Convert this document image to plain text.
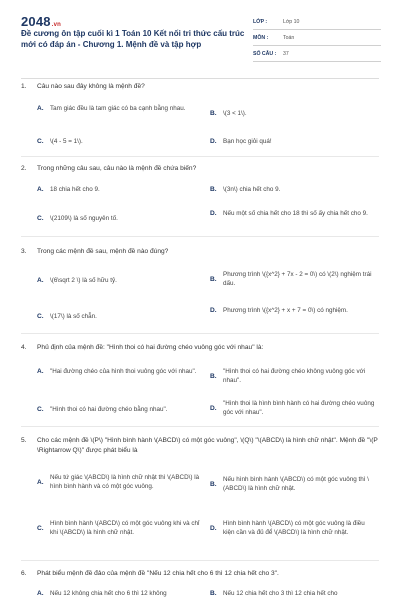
2048.vn
Đề cương ôn tập cuối kì 1 Toán 10 Kết nối tri thức cấu trúc mới có đáp án - Chương 1. Mệnh đề và tập hợp
LỚP :	Lớp 10
MÔN :	Toán
SỐ CÂU :	37
1.	Câu nào sau đây không là mệnh đề?
A.	Tam giác đều là tam giác có ba cạnh bằng nhau.
B.	\(3 < 1\).
C.	\(4 - 5 = 1\).	D.	Bạn học giỏi quá!
2.	Trong những câu sau, câu nào là mệnh đề chứa biến?
A.	18 chia hết cho 9.	B.	\(3n\) chia hết cho 9.
C.	\(2109\) là số nguyên tố.
D.	Nếu một số chia hết cho 18 thì số ấy chia hết cho 9.
3.	Trong các mệnh đề sau, mệnh đề nào đúng?
A.	\(6\sqrt 2 \) là số hữu tỷ.	B.
Phương trình \({x^2} + 7x - 2 = 0\) có \(2\) nghiệm trái dấu.
C.	\(17\) là số chẵn.
D.	Phương trình \({x^2} + x + 7 = 0\) có nghiệm.
4.	Phủ định của mệnh đề: "Hình thoi có hai đường chéo vuông góc với nhau" là:
A.	"Hai đường chéo của hình thoi vuông góc với nhau".
B.
"Hình thoi có hai đường chéo không vuông góc với nhau".
C.	"Hình thoi có hai đường chéo bằng nhau".	D.
"Hình thoi là hình bình hành có hai đường chéo vuông góc với nhau".
5.	Cho các mệnh đề \(P\) "Hình bình hành \(ABCD\) có một góc vuông", \(Q\) "\(ABCD\) là hình chữ nhật". Mệnh đề "\(P \Rightarrow Q\)" được phát biểu là
A.
Nếu tứ giác \(ABCD\) là hình chữ nhật thì \(ABCD\) là hình bình hành và có một góc vuông.	B.
Nếu hình bình hành \(ABCD\) có một góc vuông thì \(ABCD\) là hình chữ nhật.
C.
Hình bình hành \(ABCD\) có một góc vuông khi và chỉ khi \(ABCD\) là hình chữ nhật.
D.
Hình bình hành \(ABCD\) có một góc vuông là điều kiện cần và đủ để \(ABCD\) là hình chữ nhật.
6.	Phát biểu mệnh đề đảo của mệnh đề "Nếu 12 chia hết cho 6 thì 12 chia hết cho 3".
A.	Nếu 12 không chia hết cho 6 thì 12 không	B.	Nếu 12 chia hết cho 3 thì 12 chia hết cho
